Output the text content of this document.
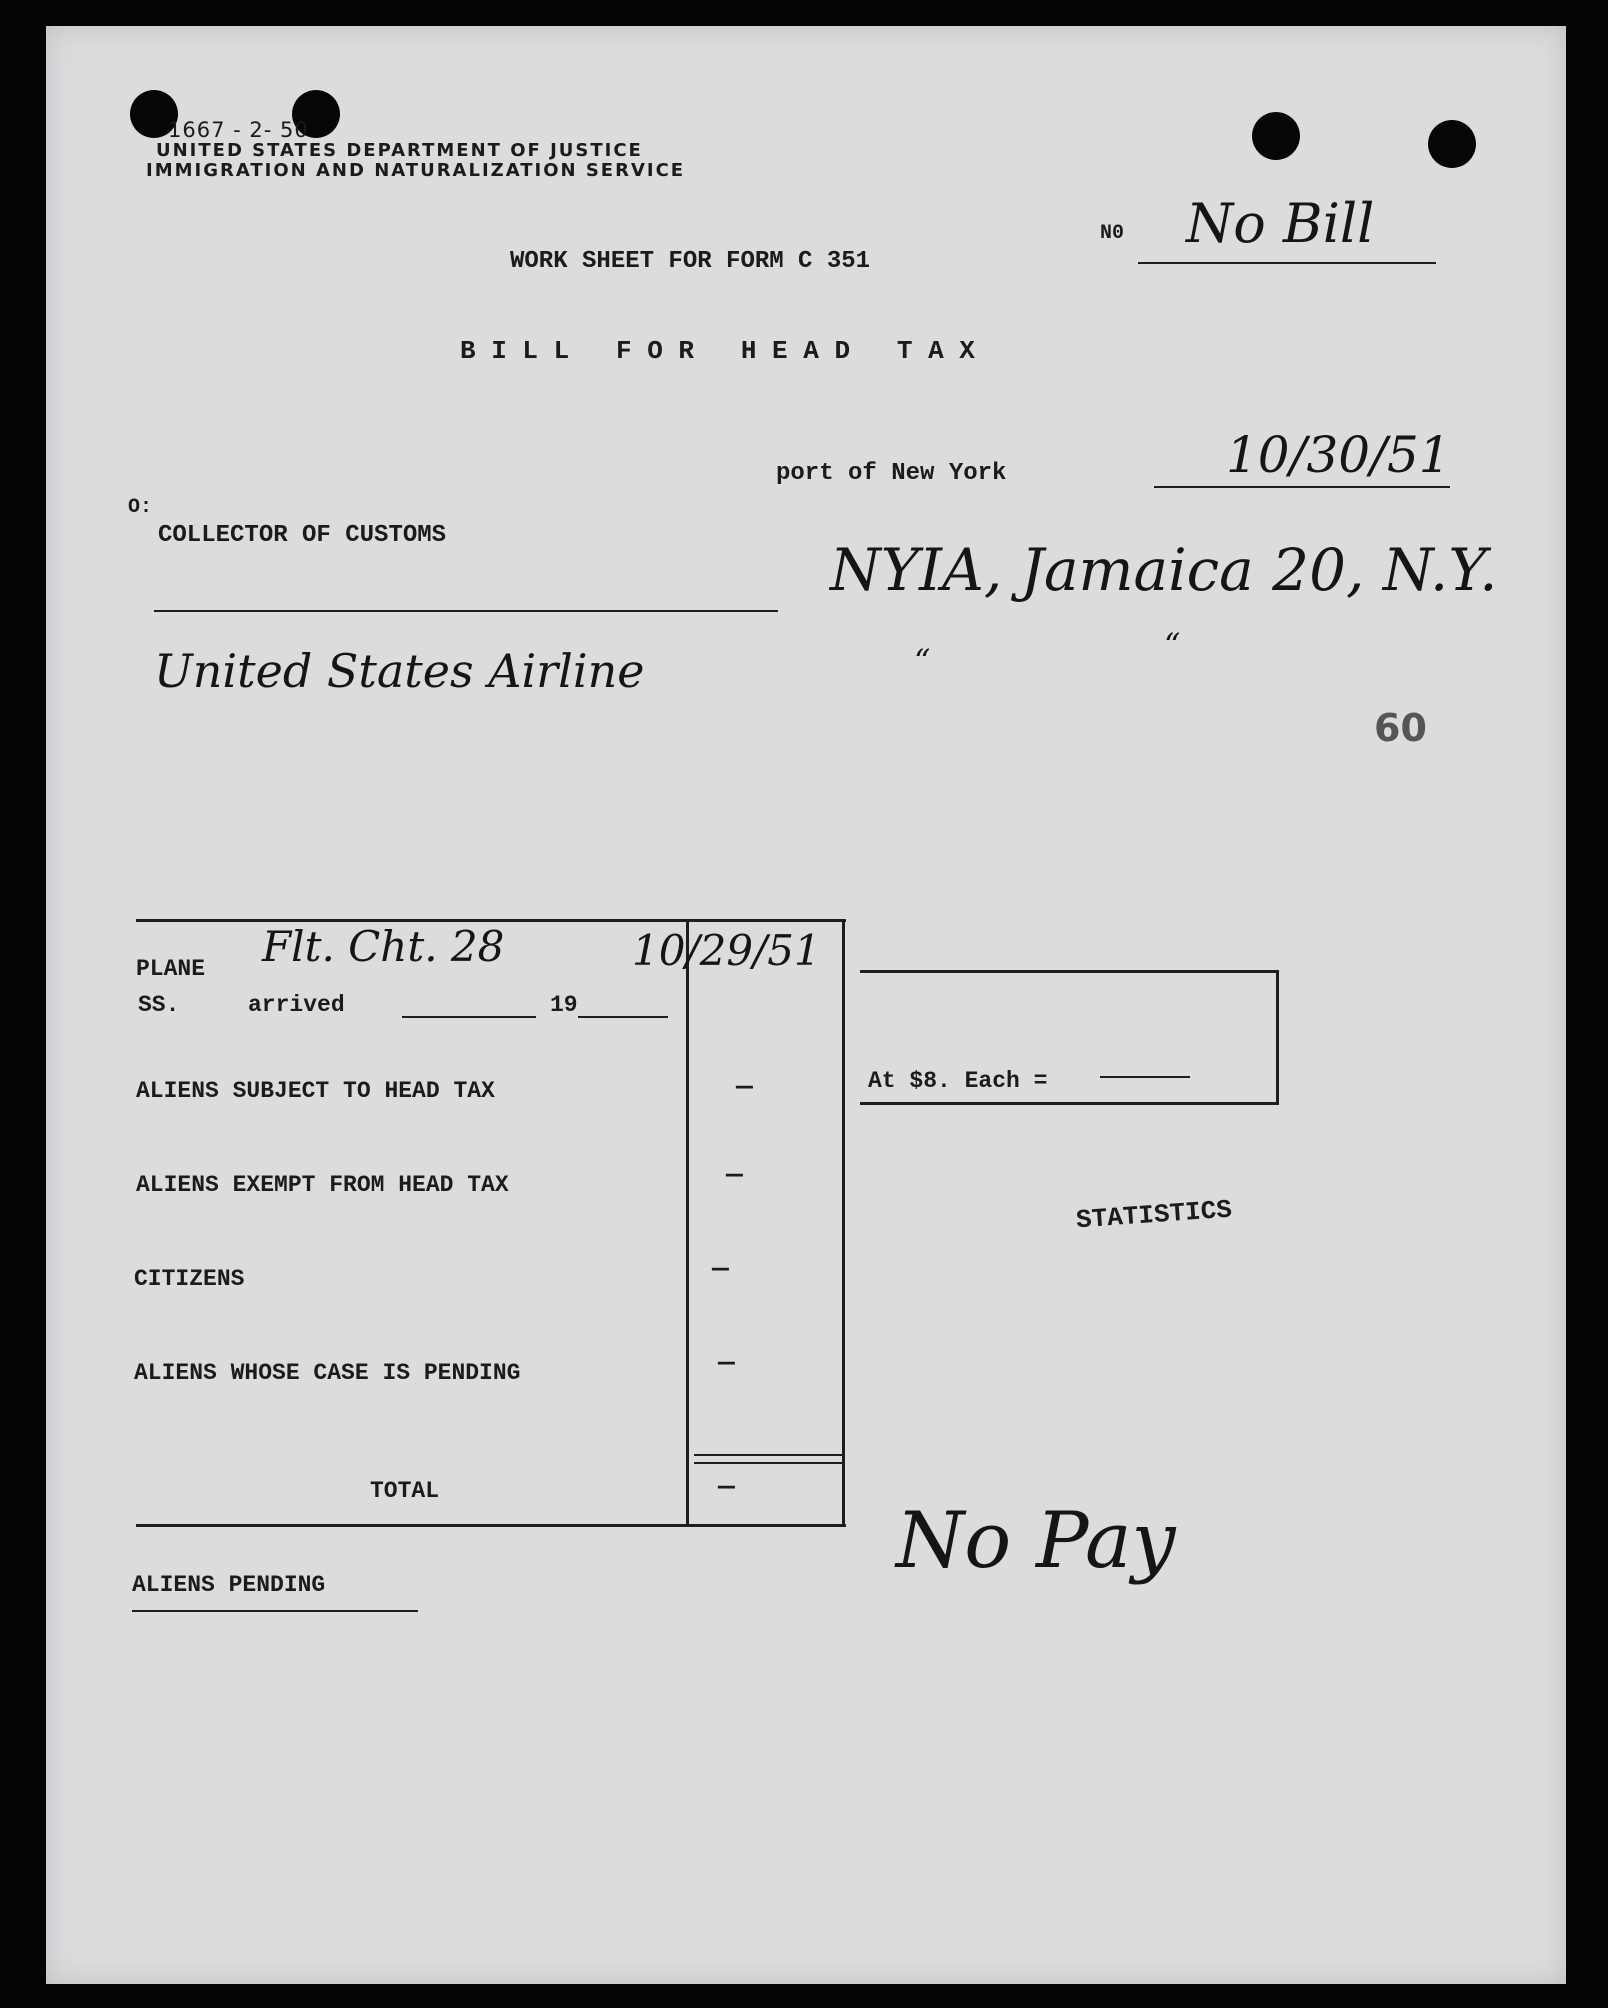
1667 - 2- 50
UNITED STATES DEPARTMENT OF JUSTICE
IMMIGRATION AND NATURALIZATION SERVICE
WORK SHEET FOR FORM C 351
B I L L   F O R   H E A D   T A X
N0 No Bill
port of New York	10/30/51
O:
COLLECTOR OF CUSTOMS
NYIA, Jamaica 20, N.Y.
“	“
United States Airline
60
PLANE Flt. Cht. 28	10/29/51
SS.	arrived	19
ALIENS SUBJECT TO HEAD TAX	—
ALIENS EXEMPT FROM HEAD TAX	—
CITIZENS	—
ALIENS WHOSE CASE IS PENDING	—
TOTAL	—
At $8. Each =
STATISTICS
ALIENS PENDING	No Pay
